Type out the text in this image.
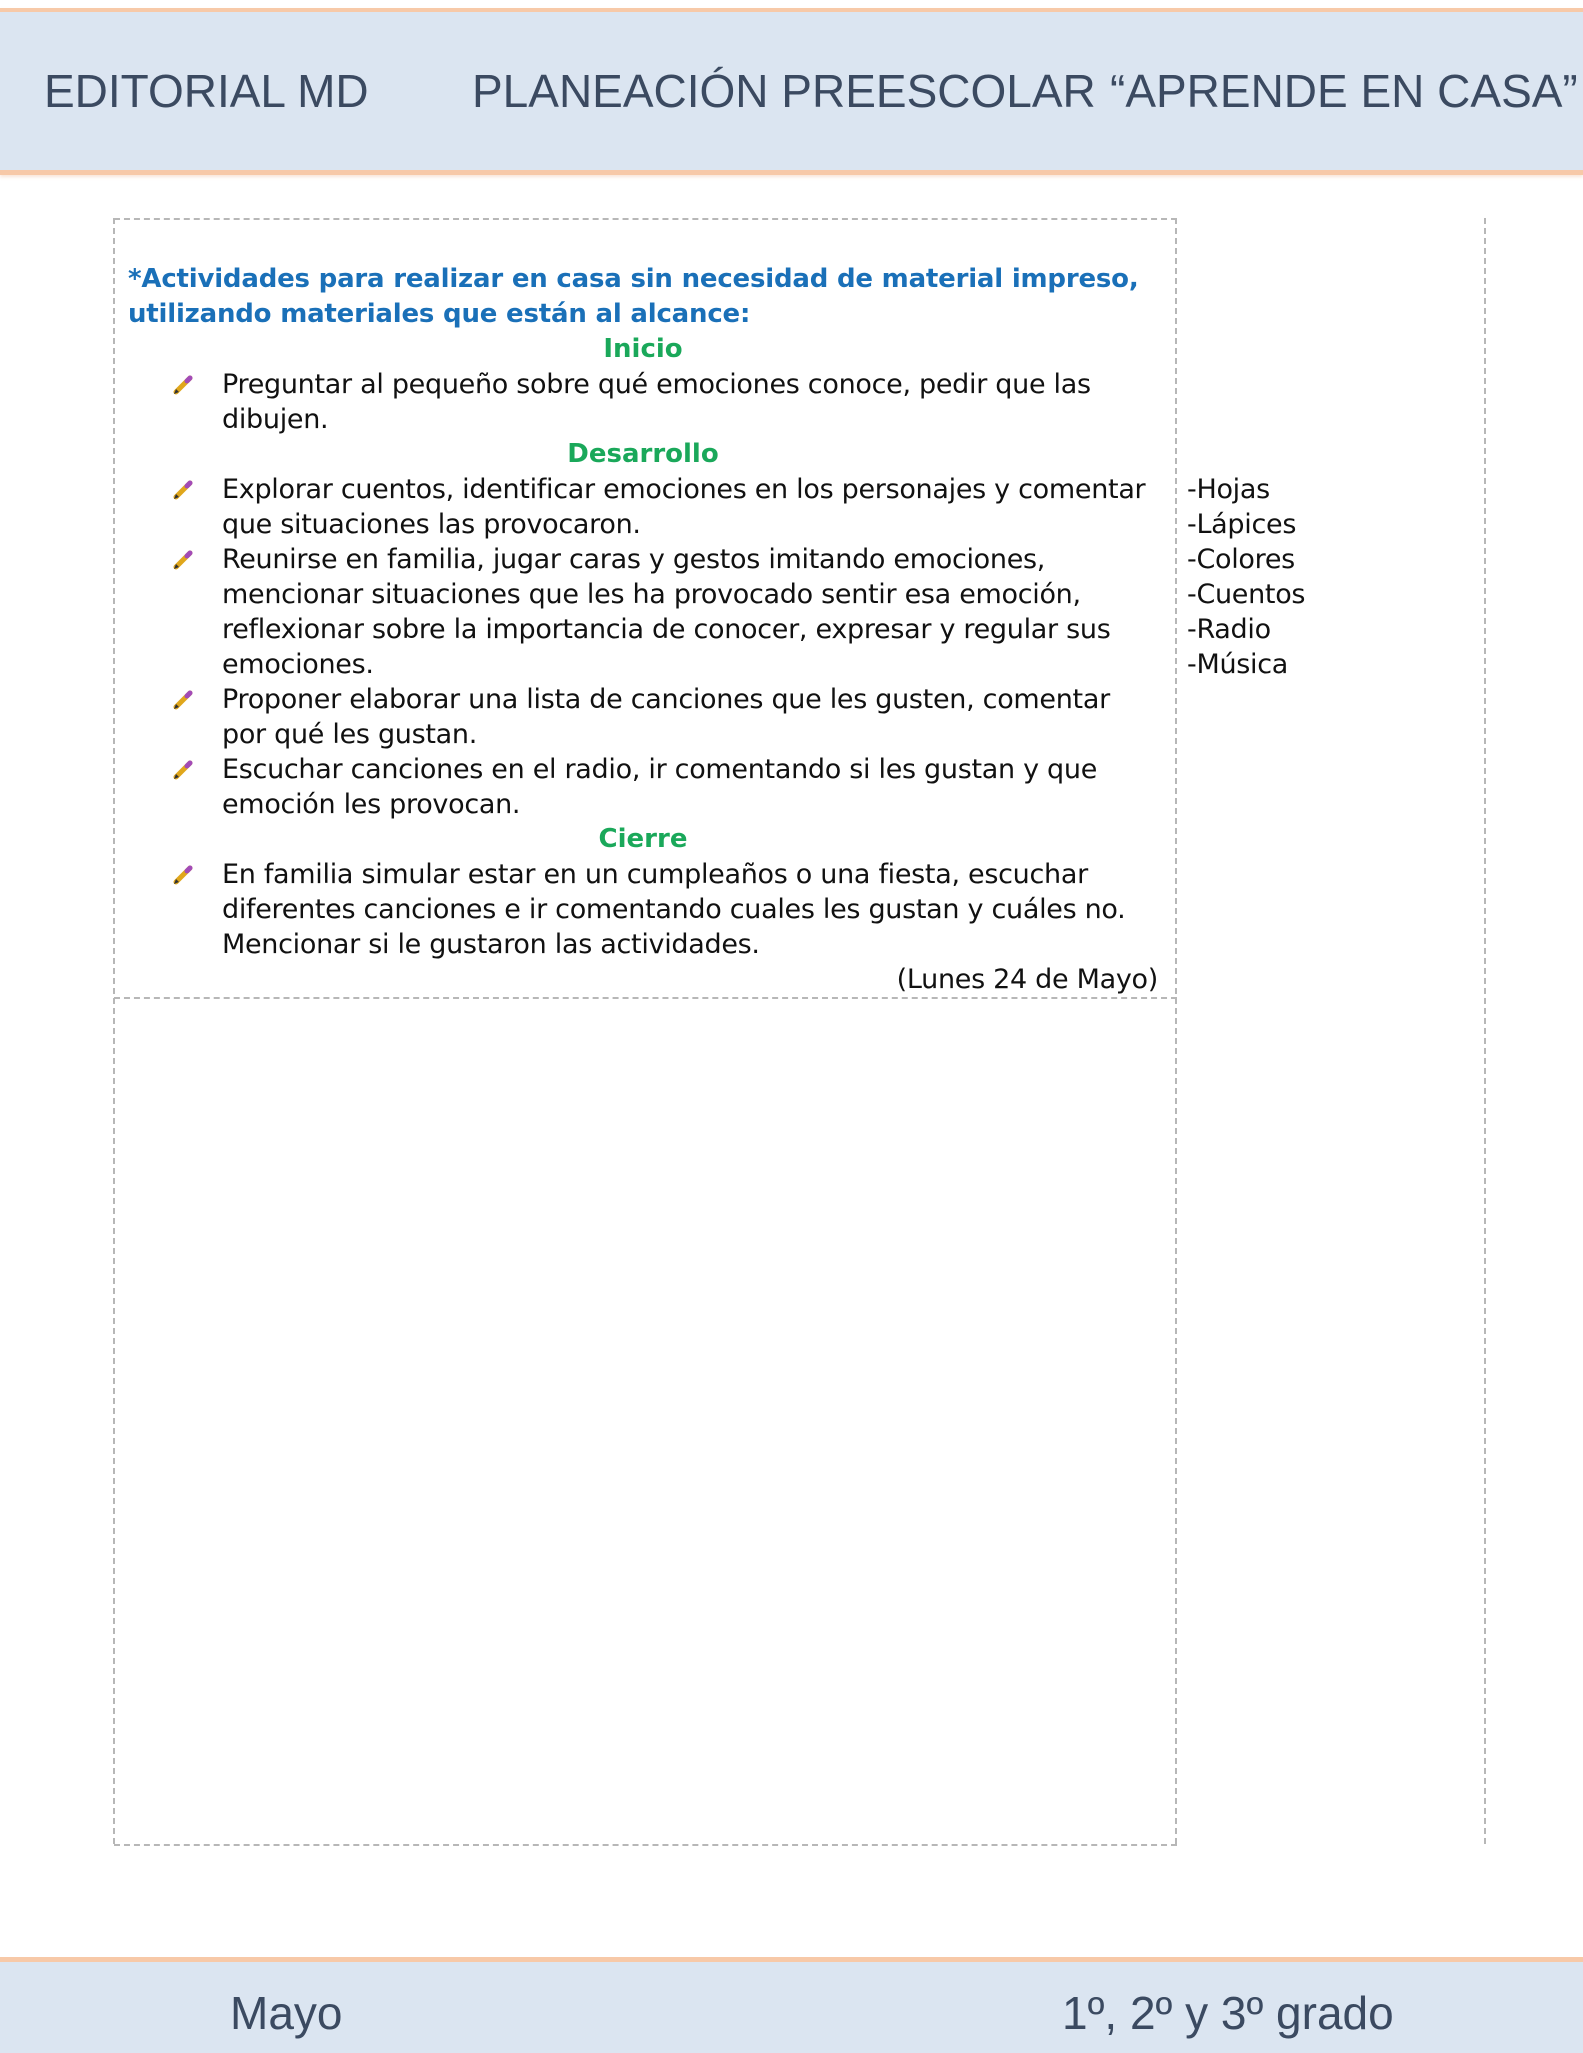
EDITORIAL MD PLANEACIÓN PREESCOLAR “APRENDE EN CASA”

*Actividades para realizar en casa sin necesidad de material impreso, utilizando materiales que están al alcance:

Inicio

Preguntar al pequeño sobre qué emociones conoce, pedir que las dibujen.

Desarrollo

Explorar cuentos, identificar emociones en los personajes y comentar que situaciones las provocaron.
Reunirse en familia, jugar caras y gestos imitando emociones, mencionar situaciones que les ha provocado sentir esa emoción, reflexionar sobre la importancia de conocer, expresar y regular sus emociones.
Proponer elaborar una lista de canciones que les gusten, comentar por qué les gustan.
Escuchar canciones en el radio, ir comentando si les gustan y que emoción les provocan.

Cierre

En familia simular estar en un cumpleaños o una fiesta, escuchar diferentes canciones e ir comentando cuales les gustan y cuáles no. Mencionar si le gustaron las actividades.

(Lunes 24 de Mayo)

-Hojas
-Lápices
-Colores
-Cuentos
-Radio
-Música
Mayo	1º, 2º y 3º grado
